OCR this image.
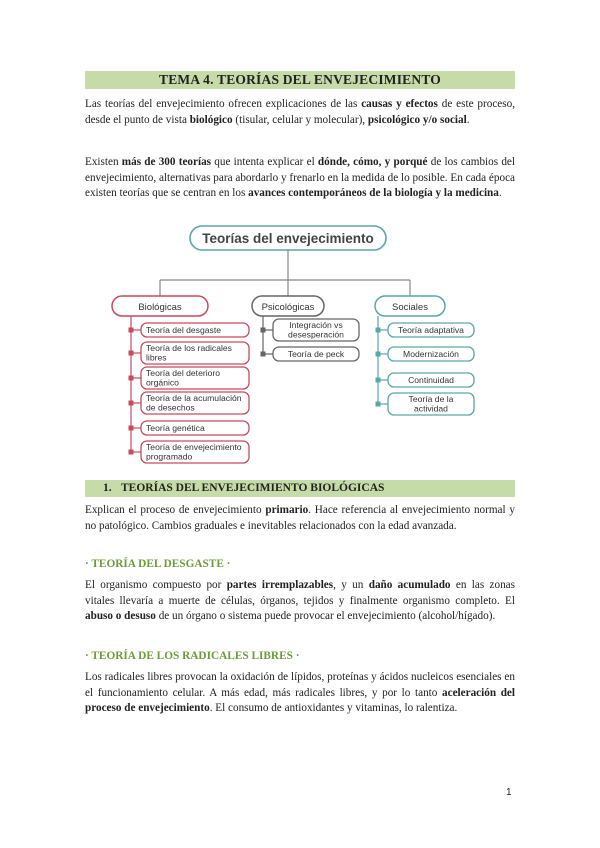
TEMA 4. TEORÍAS DEL ENVEJECIMIENTO

Las teorías del envejecimiento ofrecen explicaciones de las causas y efectos de este proceso, desde el punto de vista biológico (tisular, celular y molecular), psicológico y/o social.

Existen más de 300 teorías que intenta explicar el dónde, cómo, y porqué de los cambios del envejecimiento, alternativas para abordarlo y frenarlo en la medida de lo posible. En cada época existen teorías que se centran en los avances contemporáneos de la biología y la medicina.

Teorías del envejecimiento
Biológicas
Teoría del desgaste
Teoría de los radicales libres
Teoría del deterioro orgánico
Teoría de la acumulación de desechos
Teoría genética
Teoría de envejecimiento programado
Psicológicas
Integración vs desesperación
Teoría de peck
Sociales
Teoría adaptativa
Modernización
Continuidad
Teoría de la actividad
1. TEORÍAS DEL ENVEJECIMIENTO BIOLÓGICAS

Explican el proceso de envejecimiento primario. Hace referencia al envejecimiento normal y no patológico. Cambios graduales e inevitables relacionados con la edad avanzada.

· TEORÍA DEL DESGASTE ·

El organismo compuesto por partes irremplazables, y un daño acumulado en las zonas vitales llevaría a muerte de células, órganos, tejidos y finalmente organismo completo. El abuso o desuso de un órgano o sistema puede provocar el envejecimiento (alcohol/hígado).

· TEORÍA DE LOS RADICALES LIBRES ·

Los radicales libres provocan la oxidación de lípidos, proteínas y ácidos nucleicos esenciales en el funcionamiento celular. A más edad, más radicales libres, y por lo tanto aceleración del proceso de envejecimiento. El consumo de antioxidantes y vitaminas, lo ralentiza.

1
